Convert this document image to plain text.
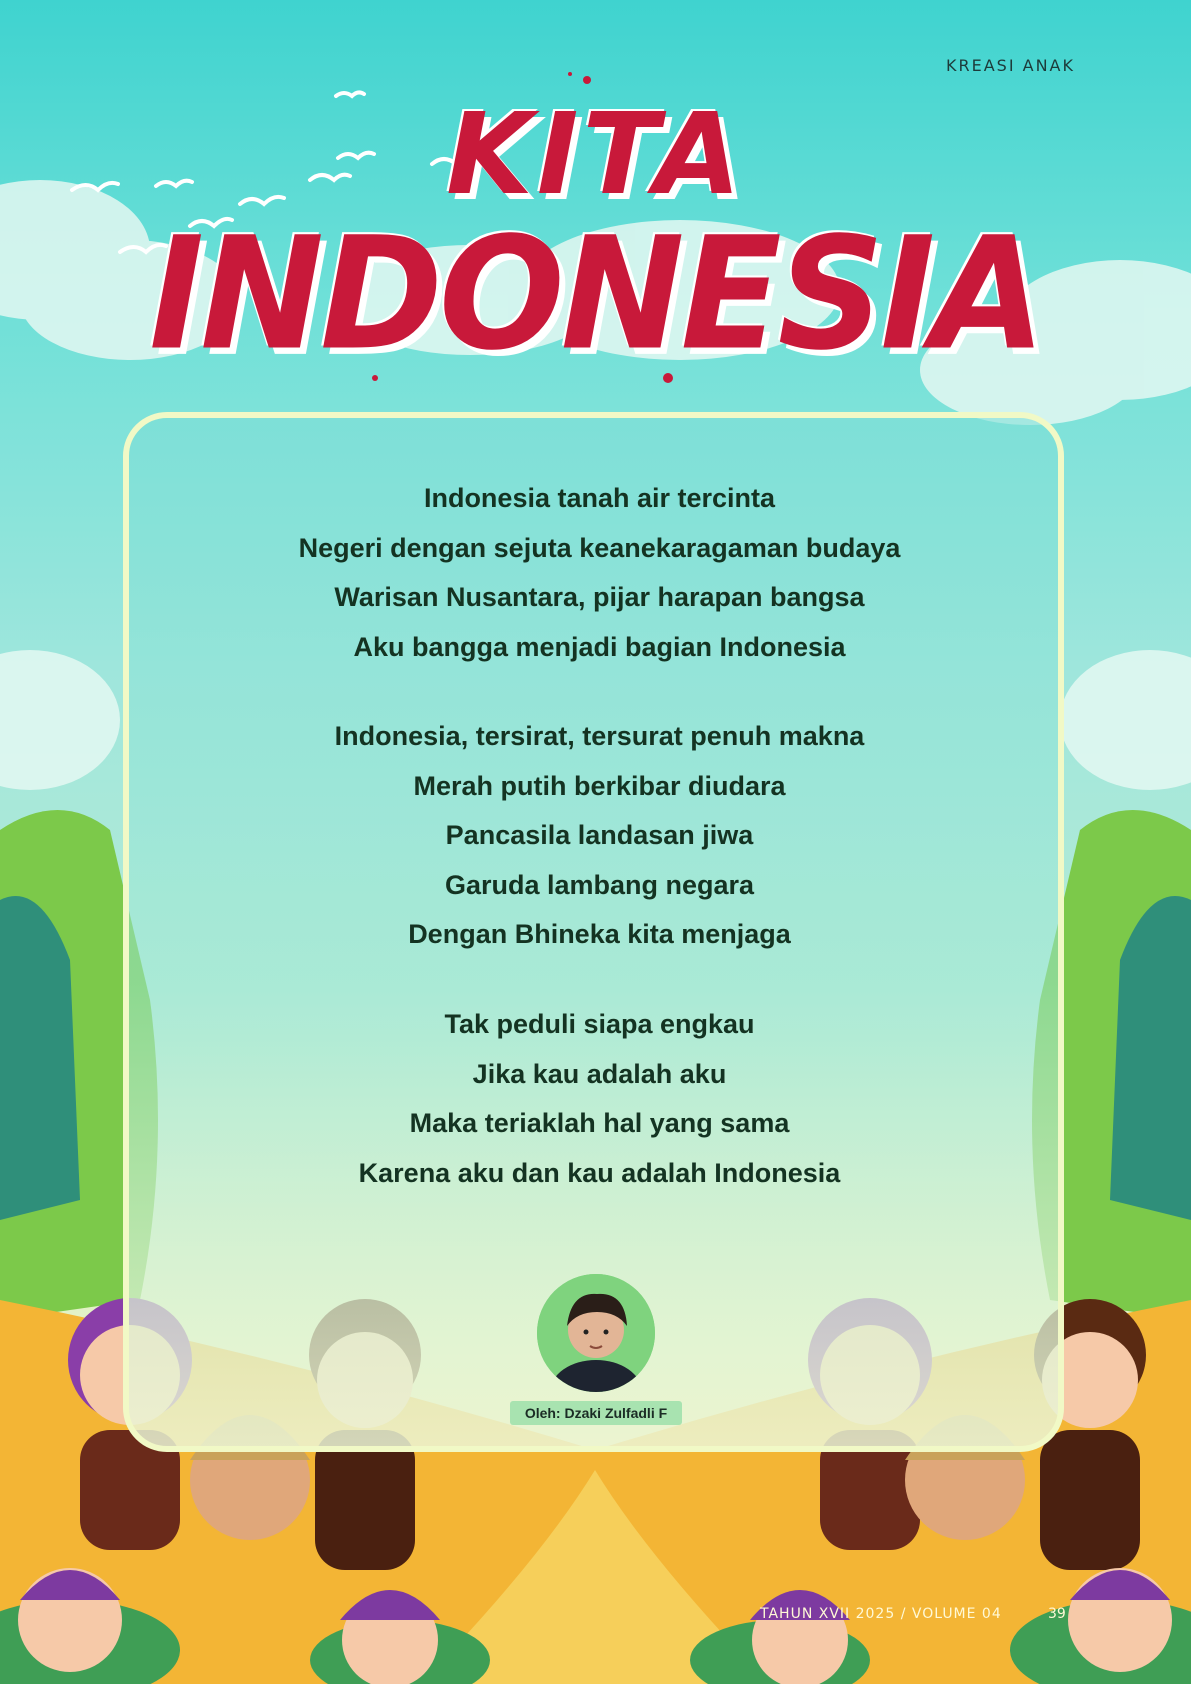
KREASI ANAK
KITA
INDONESIA
Indonesia tanah air tercinta
Negeri dengan sejuta keanekaragaman budaya
Warisan Nusantara, pijar harapan bangsa
Aku bangga menjadi bagian Indonesia
Indonesia, tersirat, tersurat penuh makna
Merah putih berkibar diudara
Pancasila landasan jiwa
Garuda lambang negara
Dengan Bhineka kita menjaga
Tak peduli siapa engkau
Jika kau adalah aku
Maka teriaklah hal yang sama
Karena aku dan kau adalah Indonesia
Oleh: Dzaki Zulfadli F
TAHUN XVII 2025 / VOLUME 04	39
